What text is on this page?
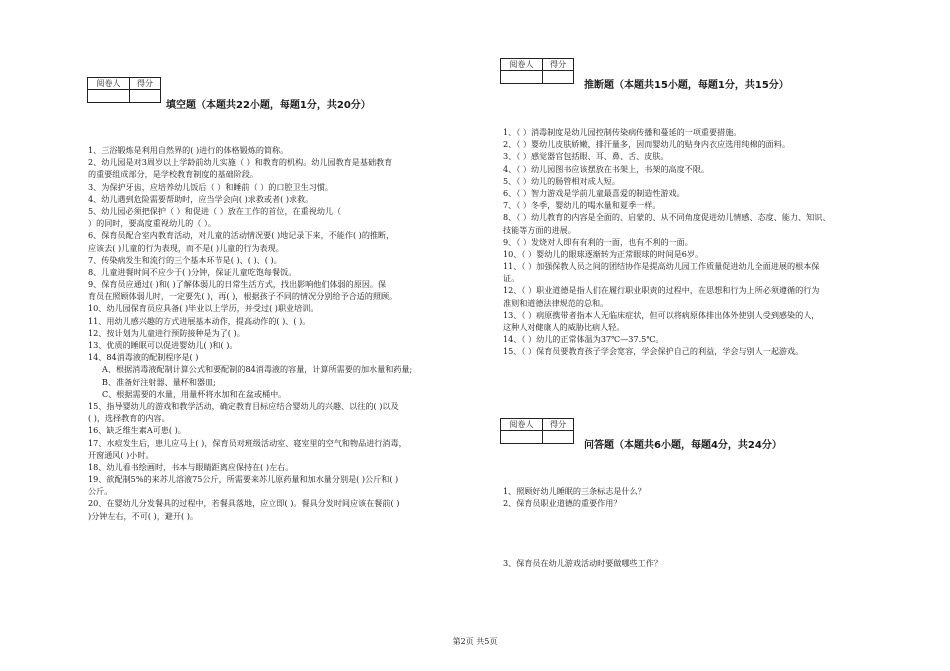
阅卷人	得分

填空题（本题共22小题，每题1分，共20分）
1、三浴锻炼是利用自然界的( )进行的体格锻炼的简称。
2、幼儿园是对3周岁以上学龄前幼儿实施（ ）和教育的机构。幼儿园教育是基础教育
的重要组成部分，是学校教育制度的基础阶段。
3、为保护牙齿，应培养幼儿饭后（ ）和睡前（ ）的口腔卫生习惯。
4、幼儿遇到危险需要帮助时，应当学会向( )求救或者( )求救。
5、幼儿园必须把保护（ ）和促进（ ）放在工作的首位，在重视幼儿（
）的同时，要高度重视幼儿的（ ）。
6、保育员配合室内教育活动，对儿童的活动情况要( )地记录下来，不能作( )的推断，
应该去( )儿童的行为表现，而不是( )儿童的行为表现。
7、传染病发生和流行的三个基本环节是( )、( )、( )。
8、儿童进餐时间不应少于( )分钟，保证儿童吃饱每餐饭。
9、保育员应通过( )和( )了解体弱儿的日常生活方式，找出影响他们体弱的原因。保
育员在照顾体弱儿时，一定要先( )，再( )，根据孩子不同的情况分别给予合适的照顾。
10、幼儿园保育员应具备( )毕业以上学历，并受过( )职业培训。
11、用幼儿感兴趣的方式进展基本动作，提高动作的( )、( )。
12、按计划为儿童进行预防接种是为了( )。
13、优质的睡眠可以促进婴幼儿( )和( )。
14、84消毒液的配制程序是( )
A、根据消毒液配制计算公式和要配制的84消毒液的容量，计算所需要的加水量和药量;
B、准备好注射器、量杯和器皿;
C、根据需要的水量，用量杯将水加和在盆或桶中。
15、指导婴幼儿的游戏和教学活动，确定教育目标应结合婴幼儿的兴趣、以往的( )以及
( )，选择教育的内容。
16、缺乏维生素A可患( )。
17、水痘发生后，患儿应马上( )，保育员对班级活动室、寝室里的空气和物品进行消毒，
开窗通风( )小时。
18、幼儿看书绘画时，书本与眼睛距离应保持在( )左右。
19、欲配制5%的来苏儿溶液75公斤，所需要来苏儿原药量和加水量分别是( )公斤和( )
公斤。
20、在婴幼儿分发餐具的过程中，若餐具落地，应立即( )。餐具分发时间应该在餐前( )
)分钟左右，不可( )，避开( )。
阅卷人	得分

推断题（本题共15小题，每题1分，共15分）
1、（ ）消毒制度是幼儿园控制传染病传播和蔓延的一项重要措施。
2、（ ）婴幼儿皮肤娇嫩，排汗量多，因而婴幼儿的贴身内衣应选用纯棉的面料。
3、（ ）感觉器官包括眼、耳、鼻、舌、皮肤。
4、（ ）幼儿园图书应该摆放在书架上，书架的高度不限。
5、（ ）幼儿的肠管相对成人短。
6、（ ）智力游戏是学前儿童最喜爱的制造性游戏。
7、（ ）冬季，婴幼儿的喝水量和夏季一样。
8、（ ）幼儿教育的内容是全面的、启蒙的、从不同角度促进幼儿情感、态度、能力、知识、
技能等方面的进展。
9、（ ）发烧对人即有有利的一面，也有不利的一面。
10、（ ）婴幼儿的眼球逐渐转为正常眼球的时间是6岁。
11、（ ）加强保教人员之间的团结协作是提高幼儿园工作质量促进幼儿全面进展的根本保
证。
12、（ ）职业道德是指人们在履行职业职责的过程中，在思想和行为上所必须遵循的行为
准则和道德法律规范的总和。
13、（ ）病原携带者指本人无临床症状，但可以将病原体排出体外使别人受到感染的人，
这种人对健康人的威胁比病人轻。
14、（ ）幼儿的正常体温为37℃—37.5℃。
15、（ ）保育员要教育孩子学会宽容，学会保护自己的利益，学会与别人一起游戏。
阅卷人	得分

问答题（本题共6小题，每题4分，共24分）
1、照顾好幼儿睡眠的三条标志是什么？
2、保育员职业道德的重要作用？
3、保育员在幼儿游戏活动时要做哪些工作？
第2页 共5页
